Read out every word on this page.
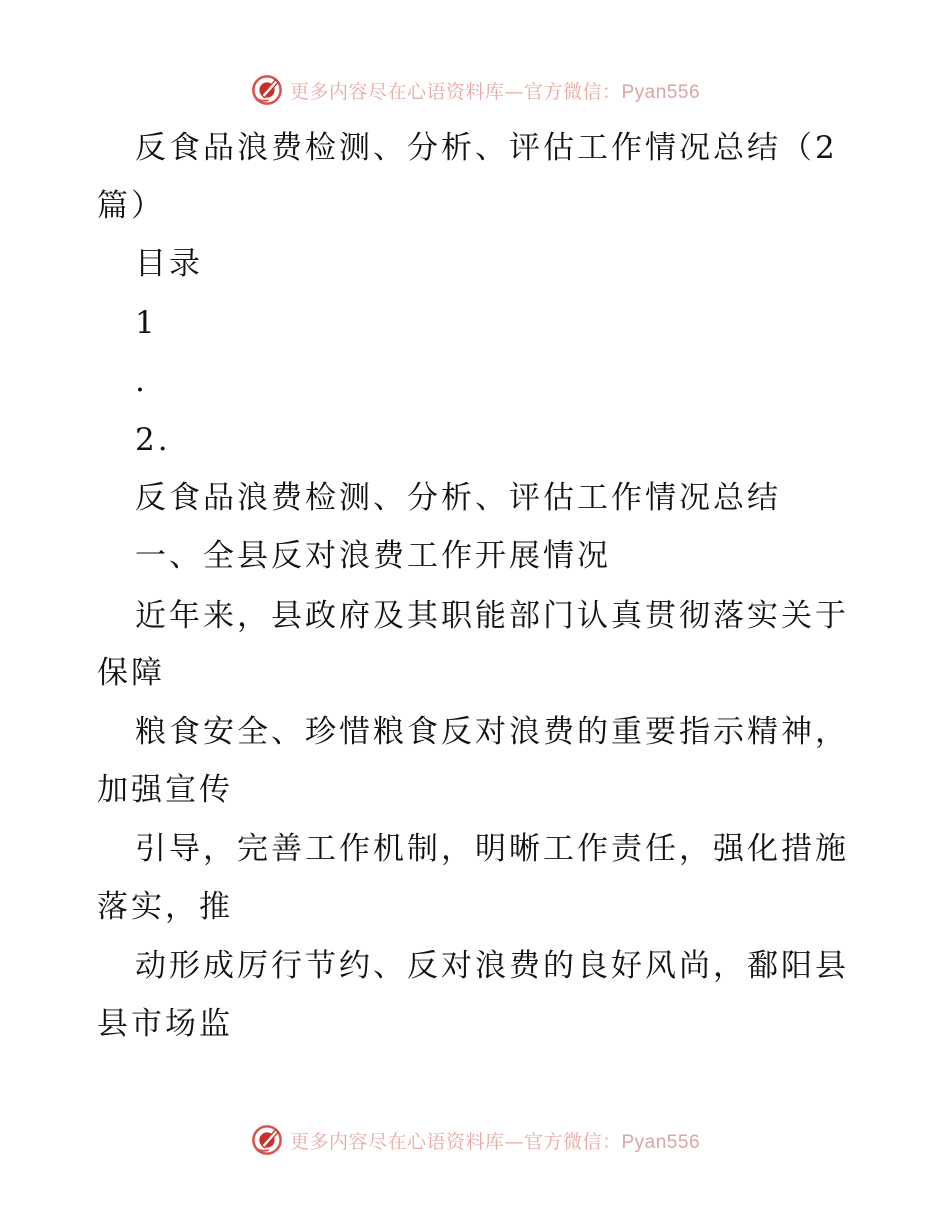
更多内容尽在心语资料库—官方微信：Pyan556
反食品浪费检测、分析、评估工作情况总结（2
篇）
目录
1
.
2.
反食品浪费检测、分析、评估工作情况总结
一、全县反对浪费工作开展情况
近年来，县政府及其职能部门认真贯彻落实关于
保障
粮食安全、珍惜粮食反对浪费的重要指示精神，
加强宣传
引导，完善工作机制，明晰工作责任，强化措施
落实，推
动形成厉行节约、反对浪费的良好风尚，鄱阳县
县市场监
更多内容尽在心语资料库—官方微信：Pyan556
